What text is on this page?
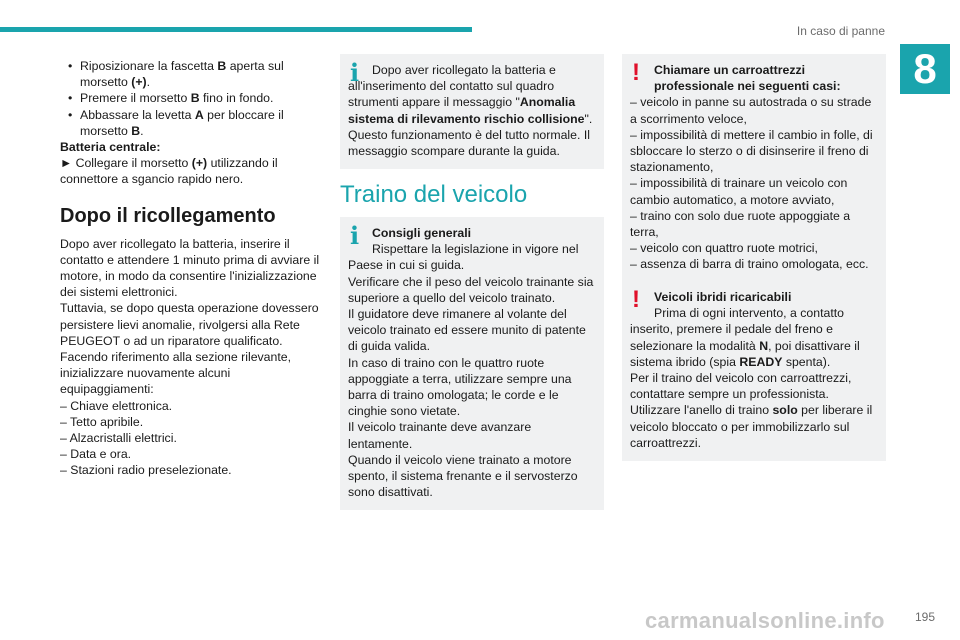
In caso di panne
8
• Riposizionare la fascetta B aperta sul morsetto (+).
• Premere il morsetto B fino in fondo.
• Abbassare la levetta A per bloccare il morsetto B.

Batteria centrale:

► Collegare il morsetto (+) utilizzando il connettore a sgancio rapido nero.

Dopo il ricollegamento

Dopo aver ricollegato la batteria, inserire il contatto e attendere 1 minuto prima di avviare il motore, in modo da consentire l'inizializzazione dei sistemi elettronici.

Tuttavia, se dopo questa operazione dovessero persistere lievi anomalie, rivolgersi alla Rete PEUGEOT o ad un riparatore qualificato.

Facendo riferimento alla sezione rilevante, inizializzare nuovamente alcuni equipaggiamenti:

– Chiave elettronica.
– Tetto apribile.
– Alzacristalli elettrici.
– Data e ora.
– Stazioni radio preselezionate.
i	Dopo aver ricollegato la batteria e all'inserimento del contatto sul quadro strumenti appare il messaggio "Anomalia sistema di rilevamento rischio collisione". Questo funzionamento è del tutto normale. Il messaggio scompare durante la guida.

Traino del veicolo
i	Consigli generali

Rispettare la legislazione in vigore nel Paese in cui si guida.

Verificare che il peso del veicolo trainante sia superiore a quello del veicolo trainato.

Il guidatore deve rimanere al volante del veicolo trainato ed essere munito di patente di guida valida.

In caso di traino con le quattro ruote appoggiate a terra, utilizzare sempre una barra di traino omologata; le corde e le cinghie sono vietate.

Il veicolo trainante deve avanzare lentamente.

Quando il veicolo viene trainato a motore spento, il sistema frenante e il servosterzo sono disattivati.

!	Chiamare un carroattrezzi professionale nei seguenti casi:

– veicolo in panne su autostrada o su strade a scorrimento veloce,

– impossibilità di mettere il cambio in folle, di sbloccare lo sterzo o di disinserire il freno di stazionamento,

– impossibilità di trainare un veicolo con cambio automatico, a motore avviato,

– traino con solo due ruote appoggiate a terra,

– veicolo con quattro ruote motrici,

– assenza di barra di traino omologata, ecc.

!	Veicoli ibridi ricaricabili

Prima di ogni intervento, a contatto inserito, premere il pedale del freno e selezionare la modalità N, poi disattivare il sistema ibrido (spia READY spenta).

Per il traino del veicolo con carroattrezzi, contattare sempre un professionista.

Utilizzare l'anello di traino solo per liberare il veicolo bloccato o per immobilizzarlo sul carroattrezzi.

carmanualsonline.info	195
